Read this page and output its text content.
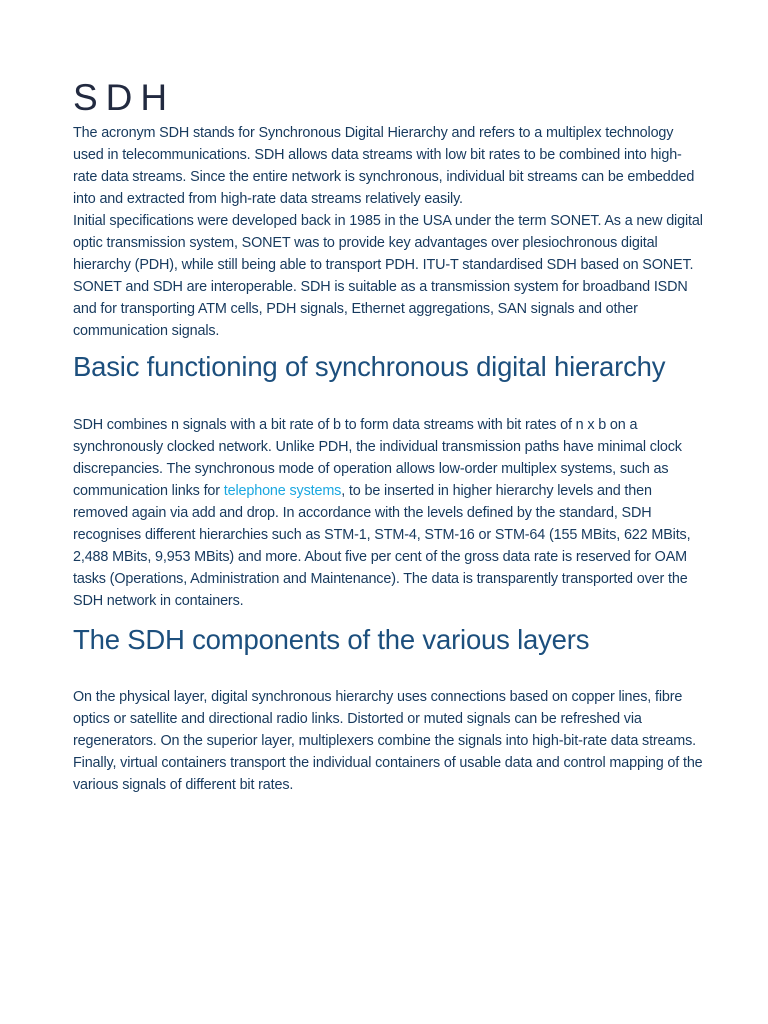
SDH

The acronym SDH stands for Synchronous Digital Hierarchy and refers to a multiplex technology used in telecommunications. SDH allows data streams with low bit rates to be combined into high-rate data streams. Since the entire network is synchronous, individual bit streams can be embedded into and extracted from high-rate data streams relatively easily.

Initial specifications were developed back in 1985 in the USA under the term SONET. As a new digital optic transmission system, SONET was to provide key advantages over plesiochronous digital hierarchy (PDH), while still being able to transport PDH. ITU-T standardised SDH based on SONET. SONET and SDH are interoperable. SDH is suitable as a transmission system for broadband ISDN and for transporting ATM cells, PDH signals, Ethernet aggregations, SAN signals and other communication signals.

Basic functioning of synchronous digital hierarchy

SDH combines n signals with a bit rate of b to form data streams with bit rates of n x b on a synchronously clocked network. Unlike PDH, the individual transmission paths have minimal clock discrepancies. The synchronous mode of operation allows low-order multiplex systems, such as communication links for telephone systems, to be inserted in higher hierarchy levels and then removed again via add and drop. In accordance with the levels defined by the standard, SDH recognises different hierarchies such as STM-1, STM-4, STM-16 or STM-64 (155 MBits, 622 MBits, 2,488 MBits, 9,953 MBits) and more. About five per cent of the gross data rate is reserved for OAM tasks (Operations, Administration and Maintenance). The data is transparently transported over the SDH network in containers.

The SDH components of the various layers

On the physical layer, digital synchronous hierarchy uses connections based on copper lines, fibre optics or satellite and directional radio links. Distorted or muted signals can be refreshed via regenerators. On the superior layer, multiplexers combine the signals into high-bit-rate data streams. Finally, virtual containers transport the individual containers of usable data and control mapping of the various signals of different bit rates.
